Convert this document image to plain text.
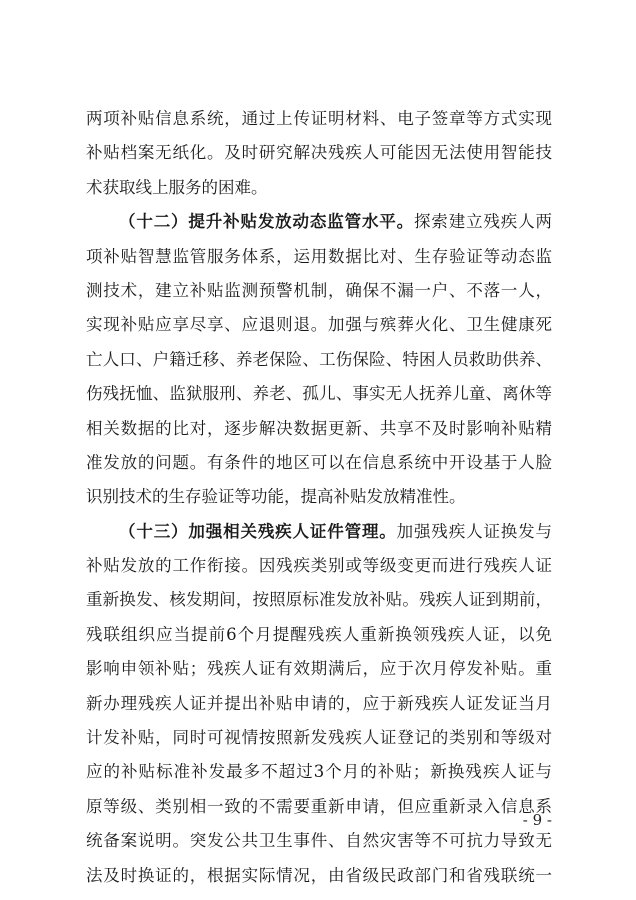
两项补贴信息系统，通过上传证明材料、电子签章等方式实现
补贴档案无纸化。及时研究解决残疾人可能因无法使用智能技
术获取线上服务的困难。
（十二）提升补贴发放动态监管水平。探索建立残疾人两
项补贴智慧监管服务体系，运用数据比对、生存验证等动态监
测技术，建立补贴监测预警机制，确保不漏一户、不落一人，
实现补贴应享尽享、应退则退。加强与殡葬火化、卫生健康死
亡人口、户籍迁移、养老保险、工伤保险、特困人员救助供养、
伤残抚恤、监狱服刑、养老、孤儿、事实无人抚养儿童、离休等
相关数据的比对，逐步解决数据更新、共享不及时影响补贴精
准发放的问题。有条件的地区可以在信息系统中开设基于人脸
识别技术的生存验证等功能，提高补贴发放精准性。
（十三）加强相关残疾人证件管理。加强残疾人证换发与
补贴发放的工作衔接。因残疾类别或等级变更而进行残疾人证
重新换发、核发期间，按照原标准发放补贴。残疾人证到期前，
残联组织应当提前6个月提醒残疾人重新换领残疾人证，以免
影响申领补贴；残疾人证有效期满后，应于次月停发补贴。重
新办理残疾人证并提出补贴申请的，应于新残疾人证发证当月
计发补贴，同时可视情按照新发残疾人证登记的类别和等级对
应的补贴标准补发最多不超过3个月的补贴；新换残疾人证与
原等级、类别相一致的不需要重新申请，但应重新录入信息系
统备案说明。突发公共卫生事件、自然灾害等不可抗力导致无
法及时换证的，根据实际情况，由省级民政部门和省残联统一
- 9 -
